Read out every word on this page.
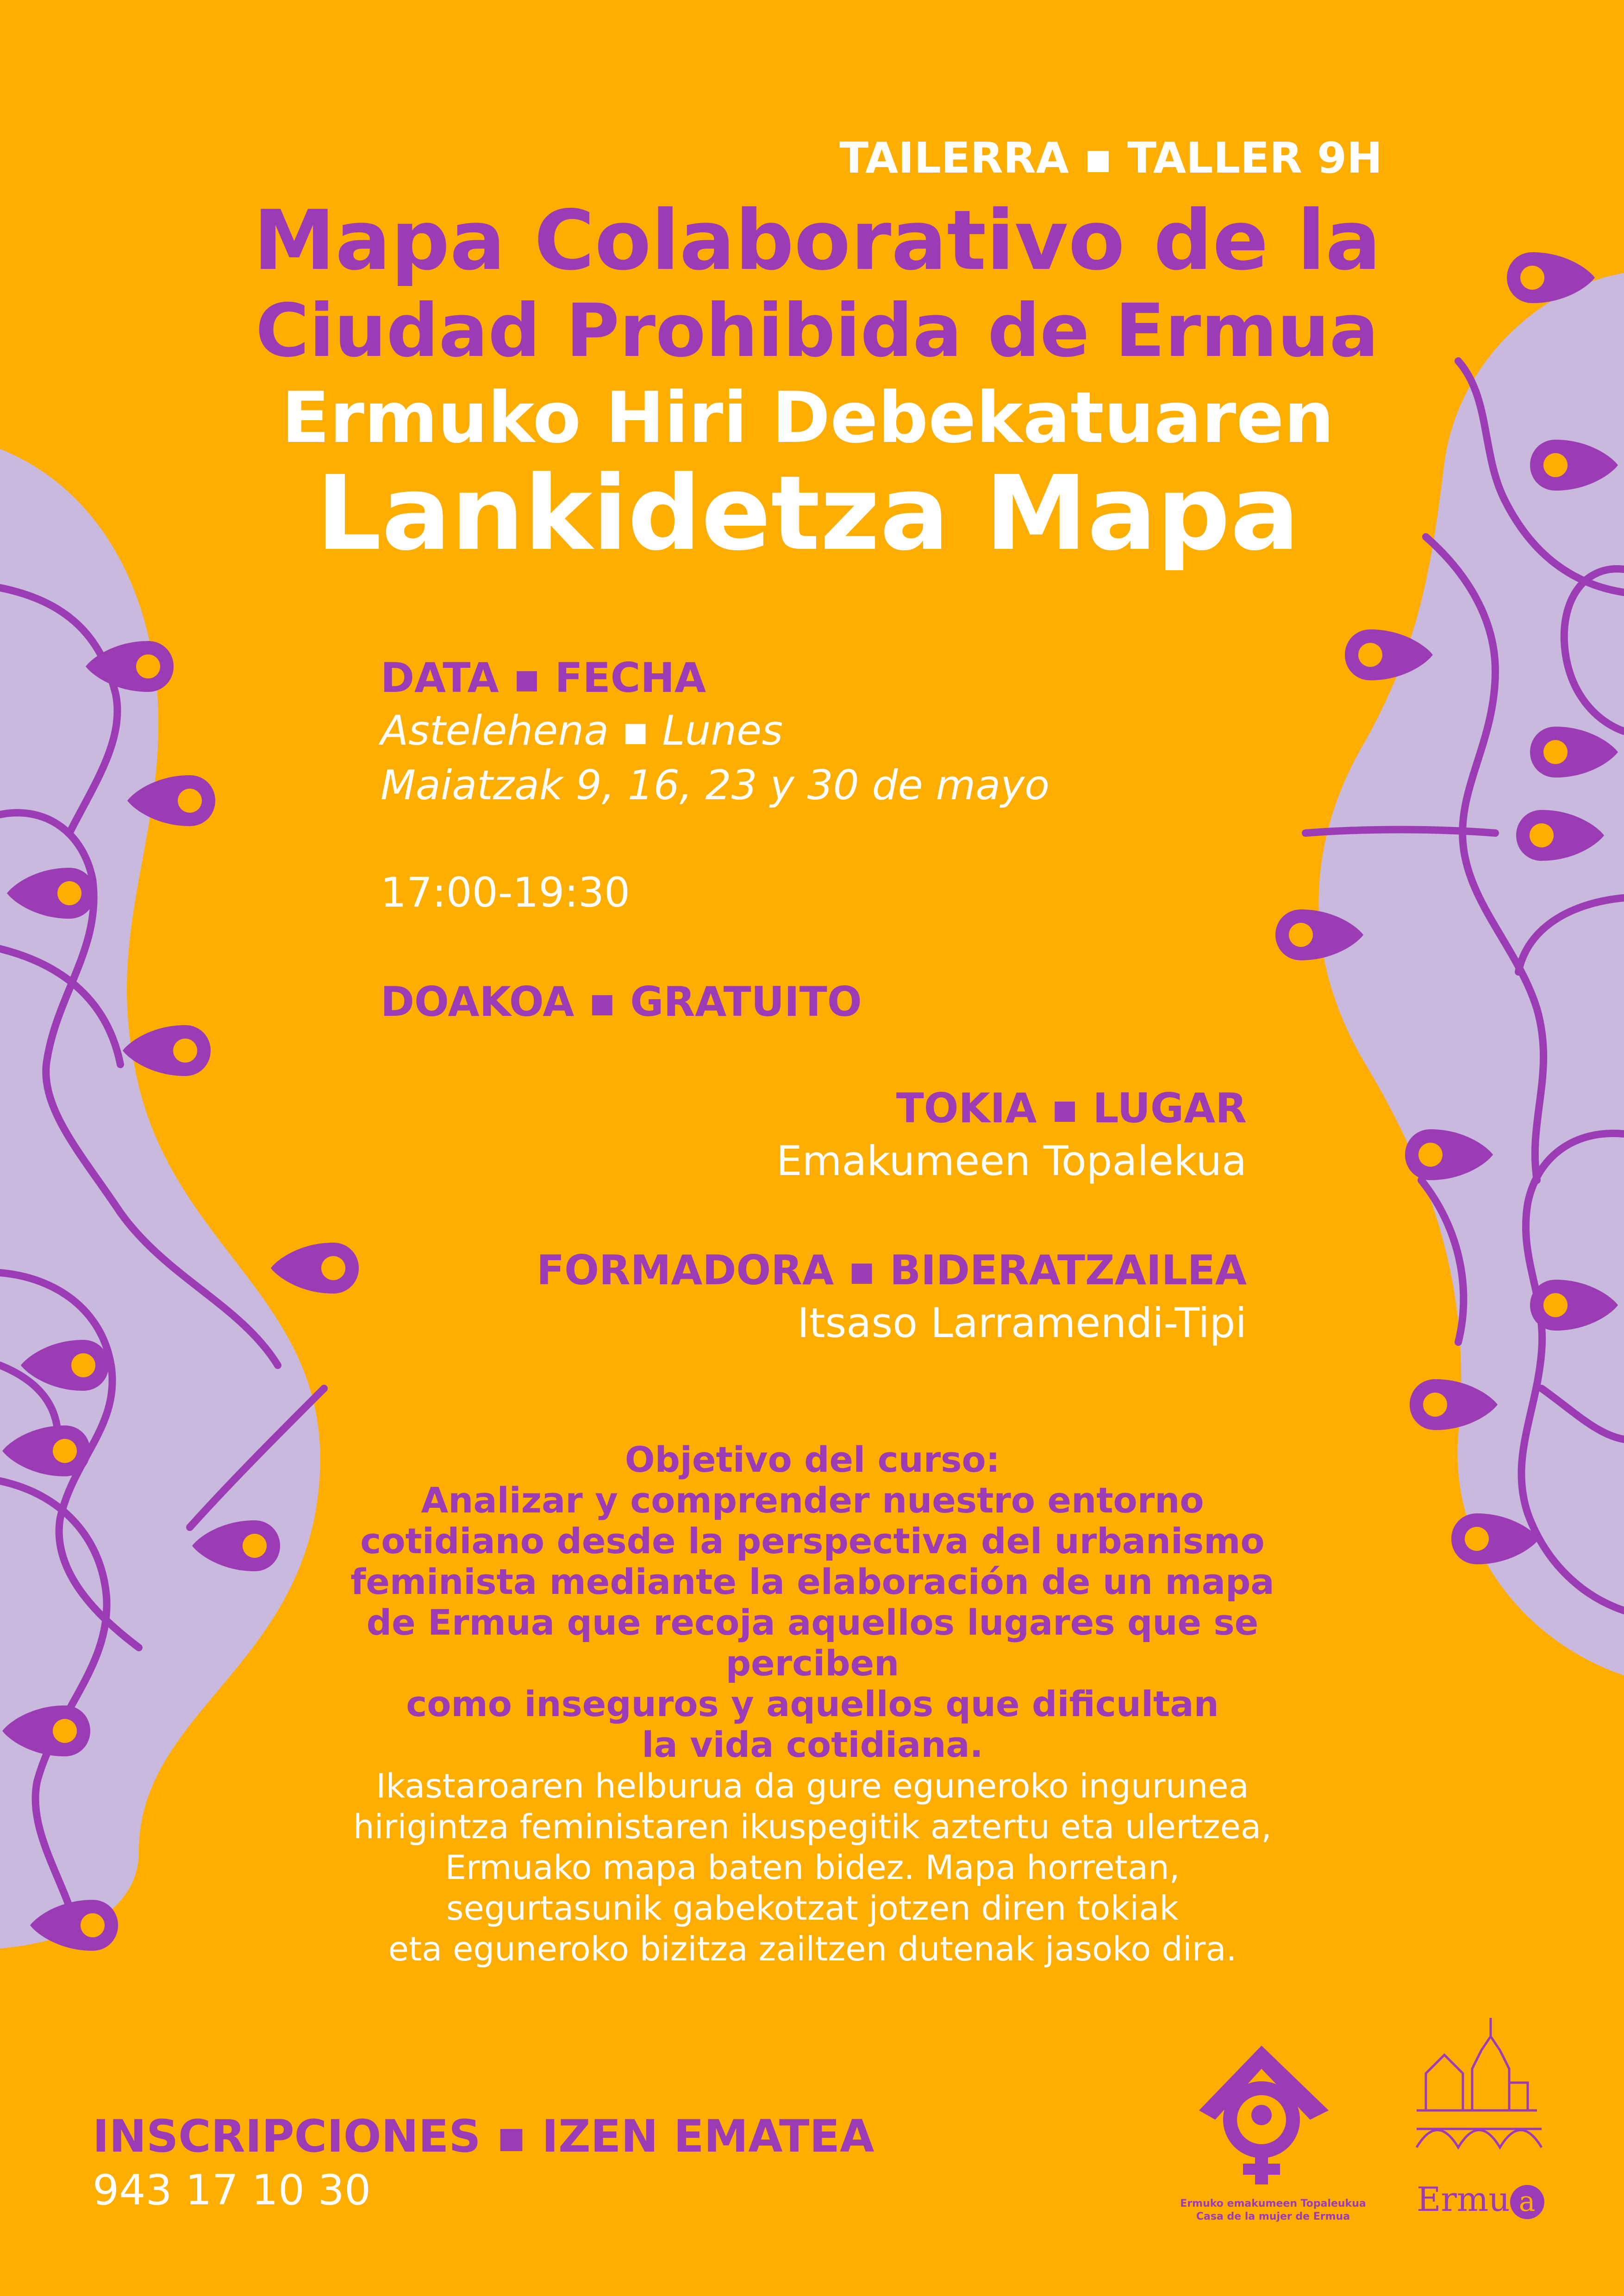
TAILERRA ▪ TALLER 9H
Mapa Colaborativo de la
Ciudad Prohibida de Ermua
Ermuko Hiri Debekatuaren
Lankidetza Mapa
DATA ▪ FECHA
Astelehena ▪ Lunes
Maiatzak 9, 16, 23 y 30 de mayo
17:00-19:30
DOAKOA ▪ GRATUITO
TOKIA ▪ LUGAR
Emakumeen Topalekua
FORMADORA ▪ BIDERATZAILEA
Itsaso Larramendi-Tipi
Objetivo del curso:
Analizar y comprender nuestro entorno
cotidiano desde la perspectiva del urbanismo
feminista mediante la elaboración de un mapa
de Ermua que recoja aquellos lugares que se perciben
como inseguros y aquellos que dificultan
la vida cotidiana.
Ikastaroaren helburua da gure eguneroko ingurunea
hirigintza feministaren ikuspegitik aztertu eta ulertzea,
Ermuako mapa baten bidez. Mapa horretan,
segurtasunik gabekotzat jotzen diren tokiak
eta eguneroko bizitza zailtzen dutenak jasoko dira.
INSCRIPCIONES ▪ IZEN EMATEA
943 17 10 30	Ermuko emakumeen Topaleukua
Casa de la mujer de Ermua	Ermu a
